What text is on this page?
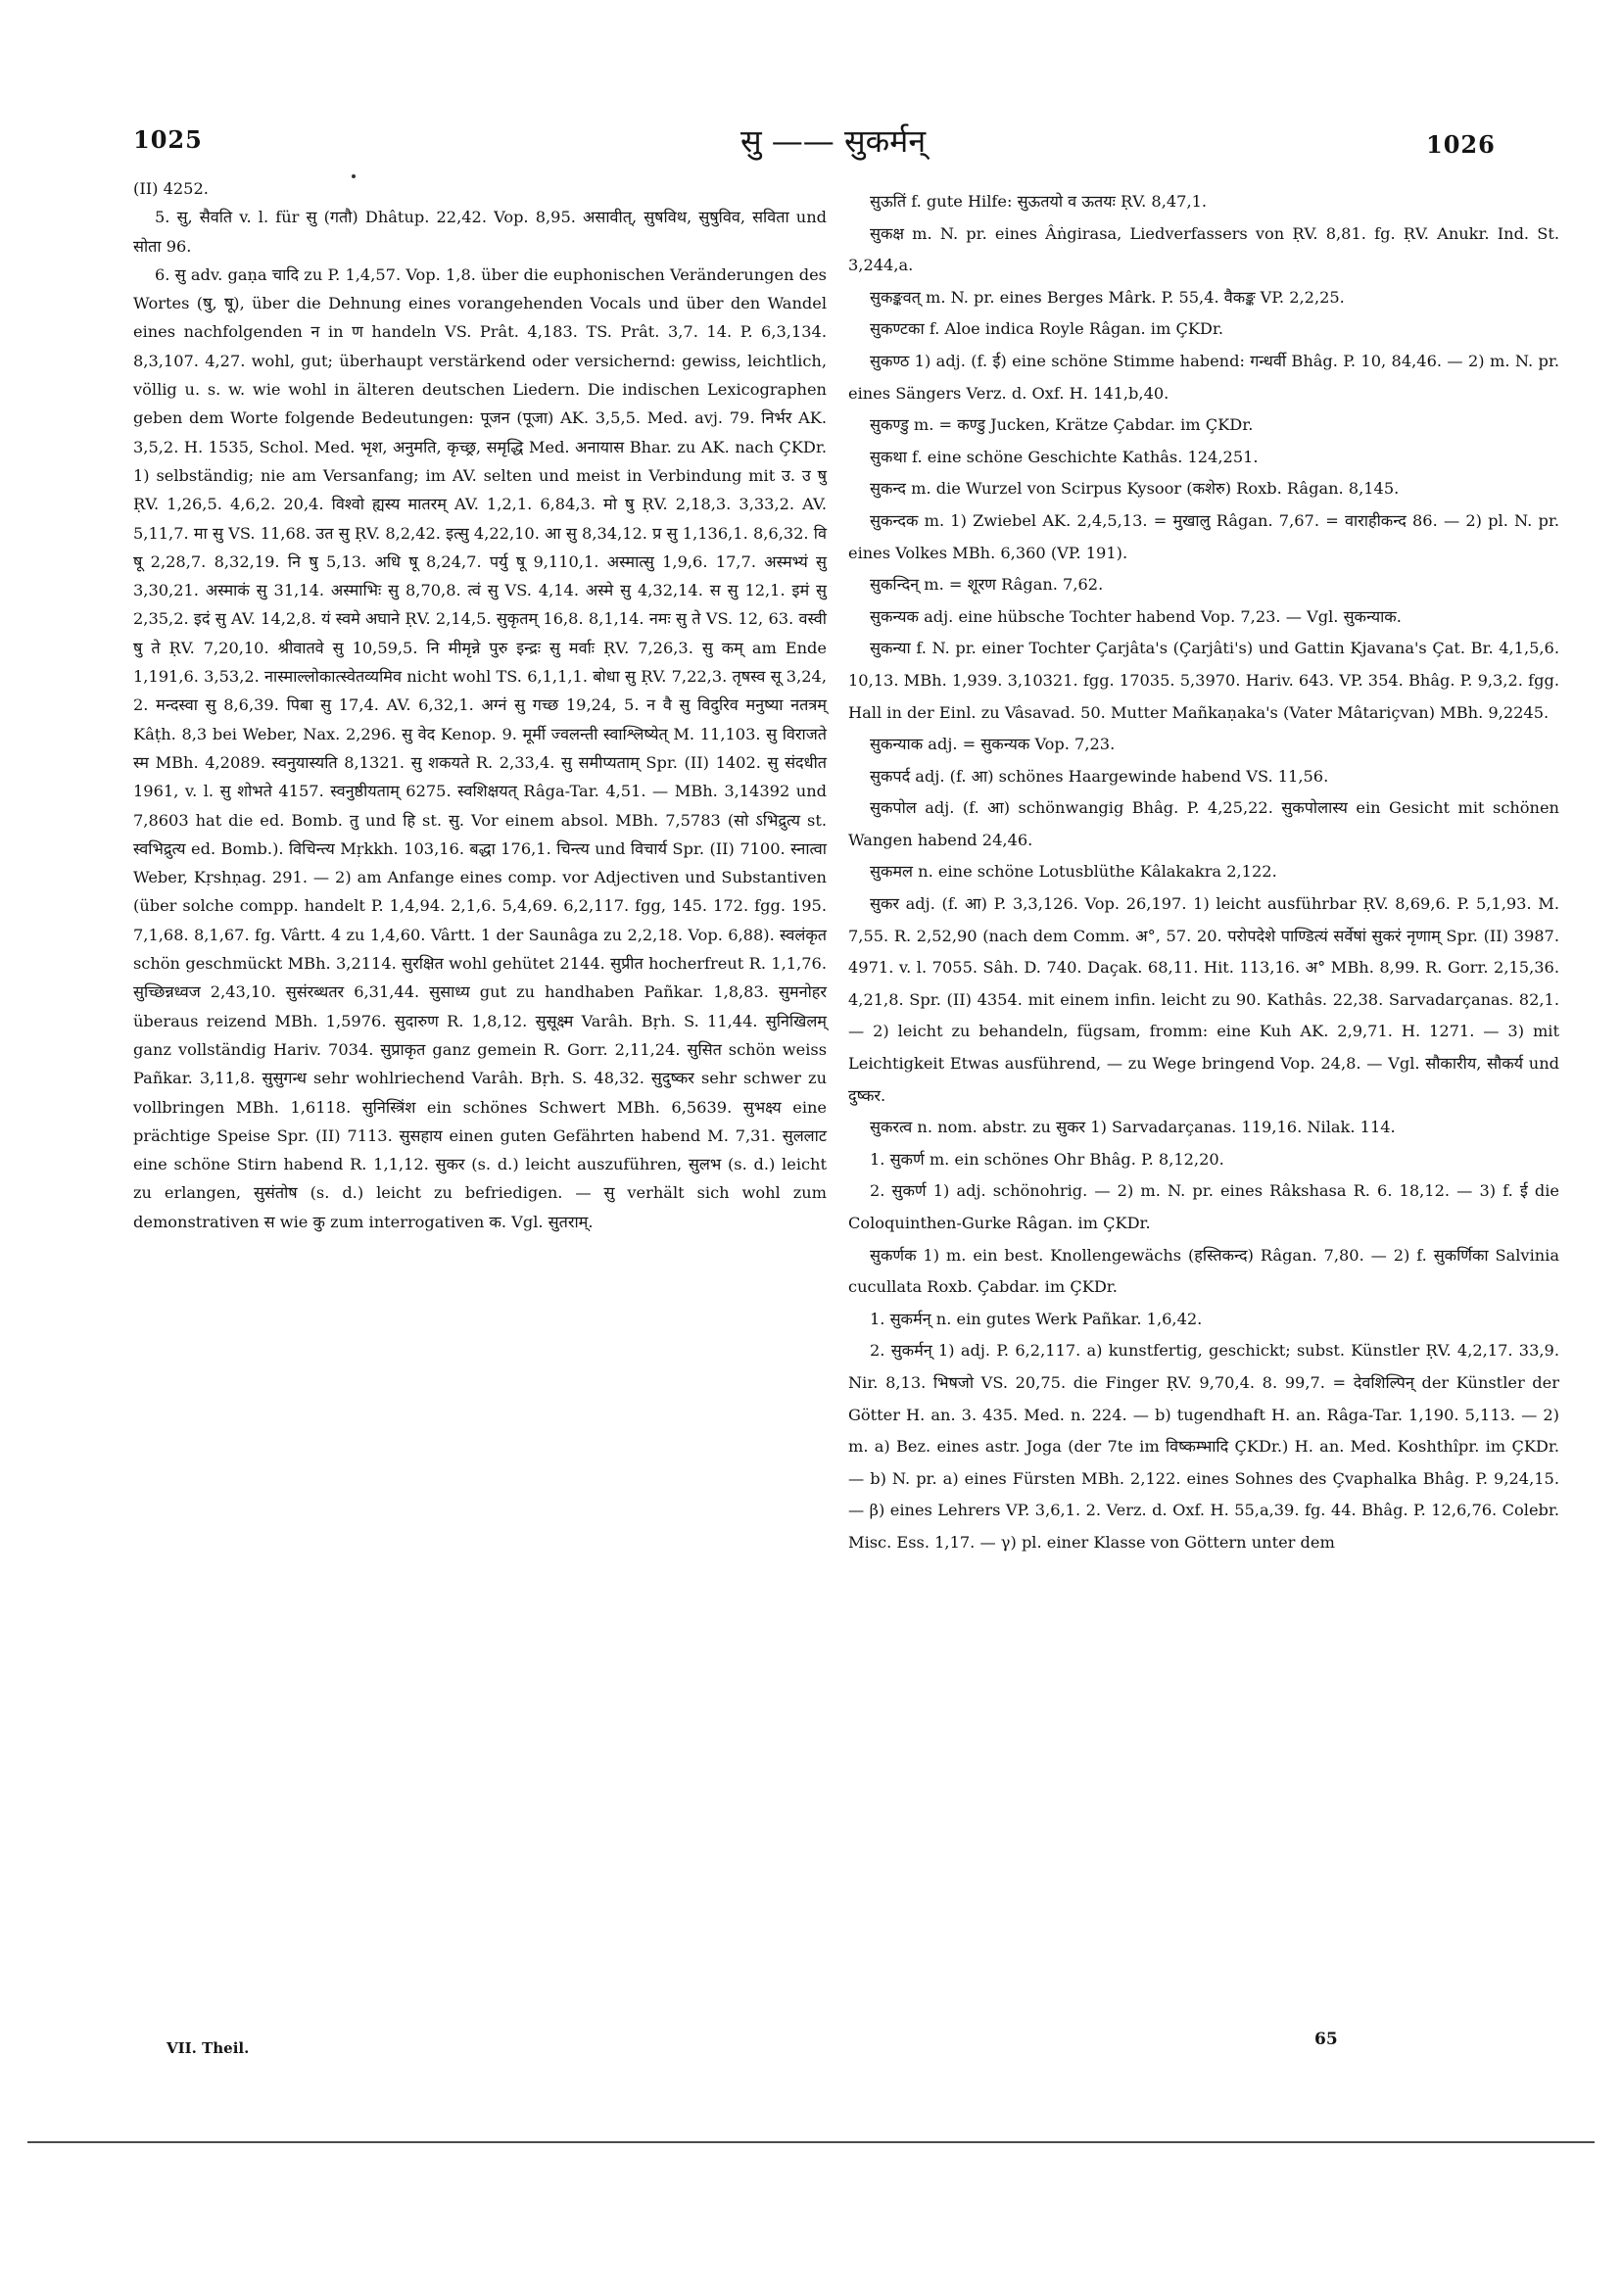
1025	सु —— सुकर्मन्	1026

(II) 4252.

5. सु, सैवति v. l. für सु (गतौ) Dhâtup. 22,42. Vop. 8,95. असावीत्, सुषविथ, सुषुविव, सविता und सोता 96.

6. सु adv. gaṇa चादि zu P. 1,4,57. Vop. 1,8. über die euphonischen Veränderungen des Wortes (षु, षू), über die Dehnung eines vorangehenden Vocals und über den Wandel eines nachfolgenden न in ण handeln VS. Prât. 4,183. TS. Prât. 3,7. 14. P. 6,3,134. 8,3,107. 4,27. wohl, gut; überhaupt verstärkend oder versichernd: gewiss, leichtlich, völlig u. s. w. wie wohl in älteren deutschen Liedern. Die indischen Lexicographen geben dem Worte folgende Bedeutungen: पूजन (पूजा) AK. 3,5,5. Med. avj. 79. निर्भर AK. 3,5,2. H. 1535, Schol. Med. भृश, अनुमति, कृच्छ्र, समृद्धि Med. अनायास Bhar. zu AK. nach ÇKDr. 1) selbständig; nie am Versanfang; im AV. selten und meist in Verbindung mit उ. उ षु ṚV. 1,26,5. 4,6,2. 20,4. विश्वो ह्यस्य मातरम् AV. 1,2,1. 6,84,3. मो षु ṚV. 2,18,3. 3,33,2. AV. 5,11,7. मा सु VS. 11,68. उत सु ṚV. 8,2,42. इत्सु 4,22,10. आ सु 8,34,12. प्र सु 1,136,1. 8,6,32. वि षू 2,28,7. 8,32,19. नि षु 5,13. अधि षू 8,24,7. पर्यु षू 9,110,1. अस्मात्सु 1,9,6. 17,7. अस्मभ्यं सु 3,30,21. अस्माकं सु 31,14. अस्माभिः सु 8,70,8. त्वं सु VS. 4,14. अस्मे सु 4,32,14. स सु 12,1. इमं सु 2,35,2. इदं सु AV. 14,2,8. यं स्वमे अघाने ṚV. 2,14,5. सुकृतम् 16,8. 8,1,14. नमः सु ते VS. 12, 63. वस्वी षु ते ṚV. 7,20,10. श्रीवातवे सु 10,59,5. नि मीमृन्ने पुरु इन्द्रः सु मर्वाः ṚV. 7,26,3. सु कम् am Ende 1,191,6. 3,53,2. नास्माल्लोकात्स्वेतव्यमिव nicht wohl TS. 6,1,1,1. बोधा सु ṚV. 7,22,3. तृषस्व सू 3,24, 2. मन्दस्वा सु 8,6,39. पिबा सु 17,4. AV. 6,32,1. अग्नं सु गच्छ 19,24, 5. न वै सु विदुरिव मनुष्या नतत्रम् Kâṭh. 8,3 bei Weber, Nax. 2,296. सु वेद Kenop. 9. मूर्मी ज्वलन्ती स्वाश्लिष्येत् M. 11,103. सु विराजते स्म MBh. 4,2089. स्वनुयास्यति 8,1321. सु शकयते R. 2,33,4. सु समीप्यताम् Spr. (II) 1402. सु संदधीत 1961, v. l. सु शोभते 4157. स्वनुष्ठीयताम् 6275. स्वशिक्षयत् Râga-Tar. 4,51. — MBh. 3,14392 und 7,8603 hat die ed. Bomb. तु und हि st. सु. Vor einem absol. MBh. 7,5783 (सो ऽभिद्रुत्य st. स्वभिद्रुत्य ed. Bomb.). विचिन्त्य Mṛkkh. 103,16. बद्धा 176,1. चिन्त्य und विचार्य Spr. (II) 7100. स्नात्वा Weber, Kṛshṇag. 291. — 2) am Anfange eines comp. vor Adjectiven und Substantiven (über solche compp. handelt P. 1,4,94. 2,1,6. 5,4,69. 6,2,117. fgg, 145. 172. fgg. 195. 7,1,68. 8,1,67. fg. Vârtt. 4 zu 1,4,60. Vârtt. 1 der Saunâga zu 2,2,18. Vop. 6,88). स्वलंकृत schön geschmückt MBh. 3,2114. सुरक्षित wohl gehütet 2144. सुप्रीत hocherfreut R. 1,1,76. सुच्छिन्नध्वज 2,43,10. सुसंरब्धतर 6,31,44. सुसाध्य gut zu handhaben Pañkar. 1,8,83. सुमनोहर überaus reizend MBh. 1,5976. सुदारुण R. 1,8,12. सुसूक्ष्म Varâh. Bṛh. S. 11,44. सुनिखिलम् ganz vollständig Hariv. 7034. सुप्राकृत ganz gemein R. Gorr. 2,11,24. सुसित schön weiss Pañkar. 3,11,8. सुसुगन्ध sehr wohlriechend Varâh. Bṛh. S. 48,32. सुदुष्कर sehr schwer zu vollbringen MBh. 1,6118. सुनिस्त्रिंश ein schönes Schwert MBh. 6,5639. सुभक्ष्य eine prächtige Speise Spr. (II) 7113. सुसहाय einen guten Gefährten habend M. 7,31. सुललाट eine schöne Stirn habend R. 1,1,12. सुकर (s. d.) leicht auszuführen, सुलभ (s. d.) leicht zu erlangen, सुसंतोष (s. d.) leicht zu befriedigen. — सु verhält sich wohl zum demonstrativen स wie कु zum interrogativen क. Vgl. सुतराम्.

सुऊतिं f. gute Hilfe: सुऊतयो व ऊतयः ṚV. 8,47,1.

सुकक्ष m. N. pr. eines Âṅgirasa, Liedverfassers von ṚV. 8,81. fg. ṚV. Anukr. Ind. St. 3,244,a.

सुकङ्कवत् m. N. pr. eines Berges Mârk. P. 55,4. वैकङ्क VP. 2,2,25.

सुकण्टका f. Aloe indica Royle Râgan. im ÇKDr.

सुकण्ठ 1) adj. (f. ई) eine schöne Stimme habend: गन्धर्वी Bhâg. P. 10, 84,46. — 2) m. N. pr. eines Sängers Verz. d. Oxf. H. 141,b,40.

सुकण्डु m. = कण्डु Jucken, Krätze Çabdar. im ÇKDr.

सुकथा f. eine schöne Geschichte Kathâs. 124,251.

सुकन्द m. die Wurzel von Scirpus Kysoor (कशेरु) Roxb. Râgan. 8,145.

सुकन्दक m. 1) Zwiebel AK. 2,4,5,13. = मुखालु Râgan. 7,67. = वाराहीकन्द 86. — 2) pl. N. pr. eines Volkes MBh. 6,360 (VP. 191).

सुकन्दिन् m. = शूरण Râgan. 7,62.

सुकन्यक adj. eine hübsche Tochter habend Vop. 7,23. — Vgl. सुकन्याक.

सुकन्या f. N. pr. einer Tochter Çarjâta's (Çarjâti's) und Gattin Kjavana's Çat. Br. 4,1,5,6. 10,13. MBh. 1,939. 3,10321. fgg. 17035. 5,3970. Hariv. 643. VP. 354. Bhâg. P. 9,3,2. fgg. Hall in der Einl. zu Vâsavad. 50. Mutter Mañkaṇaka's (Vater Mâtariçvan) MBh. 9,2245.

सुकन्याक adj. = सुकन्यक Vop. 7,23.

सुकपर्द adj. (f. आ) schönes Haargewinde habend VS. 11,56.

सुकपोल adj. (f. आ) schönwangig Bhâg. P. 4,25,22. सुकपोलास्य ein Gesicht mit schönen Wangen habend 24,46.

सुकमल n. eine schöne Lotusblüthe Kâlakakra 2,122.

सुकर adj. (f. आ) P. 3,3,126. Vop. 26,197. 1) leicht ausführbar ṚV. 8,69,6. P. 5,1,93. M. 7,55. R. 2,52,90 (nach dem Comm. अ°, 57. 20. परोपदेशे पाण्डित्यं सर्वेषां सुकरं नृणाम् Spr. (II) 3987. 4971. v. l. 7055. Sâh. D. 740. Daçak. 68,11. Hit. 113,16. अ° MBh. 8,99. R. Gorr. 2,15,36. 4,21,8. Spr. (II) 4354. mit einem infin. leicht zu 90. Kathâs. 22,38. Sarvadarçanas. 82,1. — 2) leicht zu behandeln, fügsam, fromm: eine Kuh AK. 2,9,71. H. 1271. — 3) mit Leichtigkeit Etwas ausführend, — zu Wege bringend Vop. 24,8. — Vgl. सौकारीय, सौकर्य und दुष्कर.

सुकरत्व n. nom. abstr. zu सुकर 1) Sarvadarçanas. 119,16. Nilak. 114.

1. सुकर्ण m. ein schönes Ohr Bhâg. P. 8,12,20.

2. सुकर्ण 1) adj. schönohrig. — 2) m. N. pr. eines Râkshasa R. 6. 18,12. — 3) f. ई die Coloquinthen-Gurke Râgan. im ÇKDr.

सुकर्णक 1) m. ein best. Knollengewächs (हस्तिकन्द) Râgan. 7,80. — 2) f. सुकर्णिका Salvinia cucullata Roxb. Çabdar. im ÇKDr.

1. सुकर्मन् n. ein gutes Werk Pañkar. 1,6,42.

2. सुकर्मन् 1) adj. P. 6,2,117. a) kunstfertig, geschickt; subst. Künstler ṚV. 4,2,17. 33,9. Nir. 8,13. भिषजो VS. 20,75. die Finger ṚV. 9,70,4. 8. 99,7. = देवशिल्पिन् der Künstler der Götter H. an. 3. 435. Med. n. 224. — b) tugendhaft H. an. Râga-Tar. 1,190. 5,113. — 2) m. a) Bez. eines astr. Joga (der 7te im विष्कम्भादि ÇKDr.) H. an. Med. Koshthîpr. im ÇKDr. — b) N. pr. a) eines Fürsten MBh. 2,122. eines Sohnes des Çvaphalka Bhâg. P. 9,24,15. — β) eines Lehrers VP. 3,6,1. 2. Verz. d. Oxf. H. 55,a,39. fg. 44. Bhâg. P. 12,6,76. Colebr. Misc. Ess. 1,17. — γ) pl. einer Klasse von Göttern unter dem

VII. Theil.	65
